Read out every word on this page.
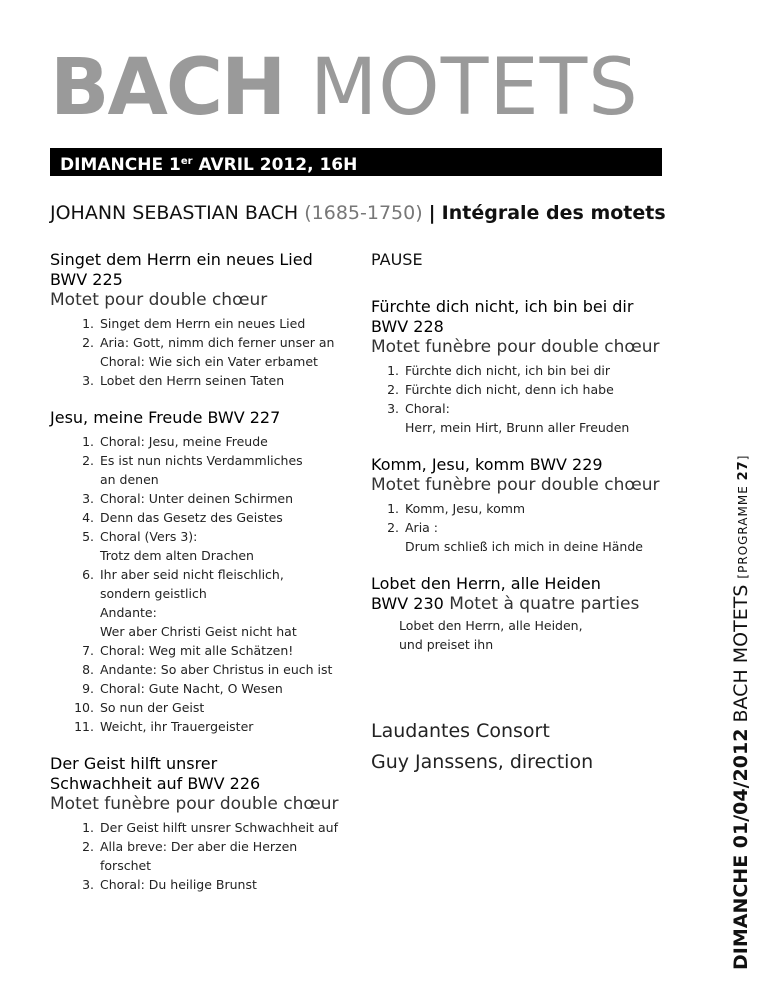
BACH MOTETS
DIMANCHE 1er AVRIL 2012, 16H
JOHANN SEBASTIAN BACH (1685-1750) | Intégrale des motets
Singet dem Herrn ein neues Lied
BWV 225
Motet pour double chœur
1. Singet dem Herrn ein neues Lied
2. Aria: Gott, nimm dich ferner unser an
Choral: Wie sich ein Vater erbamet
3. Lobet den Herrn seinen Taten
Jesu, meine Freude BWV 227
1. Choral: Jesu, meine Freude
2. Es ist nun nichts Verdammliches
an denen
3. Choral: Unter deinen Schirmen
4. Denn das Gesetz des Geistes
5. Choral (Vers 3):
Trotz dem alten Drachen
6. Ihr aber seid nicht fleischlich,
sondern geistlich
Andante:
Wer aber Christi Geist nicht hat
7. Choral: Weg mit alle Schätzen!
8. Andante: So aber Christus in euch ist
9. Choral: Gute Nacht, O Wesen
10. So nun der Geist
11. Weicht, ihr Trauergeister
Der Geist hilft unsrer
Schwachheit auf BWV 226
Motet funèbre pour double chœur
1. Der Geist hilft unsrer Schwachheit auf
2. Alla breve: Der aber die Herzen forschet
3. Choral: Du heilige Brunst
PAUSE
Fürchte dich nicht, ich bin bei dir
BWV 228
Motet funèbre pour double chœur
1. Fürchte dich nicht, ich bin bei dir
2. Fürchte dich nicht, denn ich habe
3. Choral:
Herr, mein Hirt, Brunn aller Freuden
Komm, Jesu, komm BWV 229
Motet funèbre pour double chœur
1. Komm, Jesu, komm
2. Aria :
Drum schließ ich mich in deine Hände
Lobet den Herrn, alle Heiden
BWV 230 Motet à quatre parties
Lobet den Herrn, alle Heiden,
und preiset ihn
Laudantes Consort
Guy Janssens, direction	DIMANCHE 01/04/2012 BACH MOTETS [PROGRAMME 27]
